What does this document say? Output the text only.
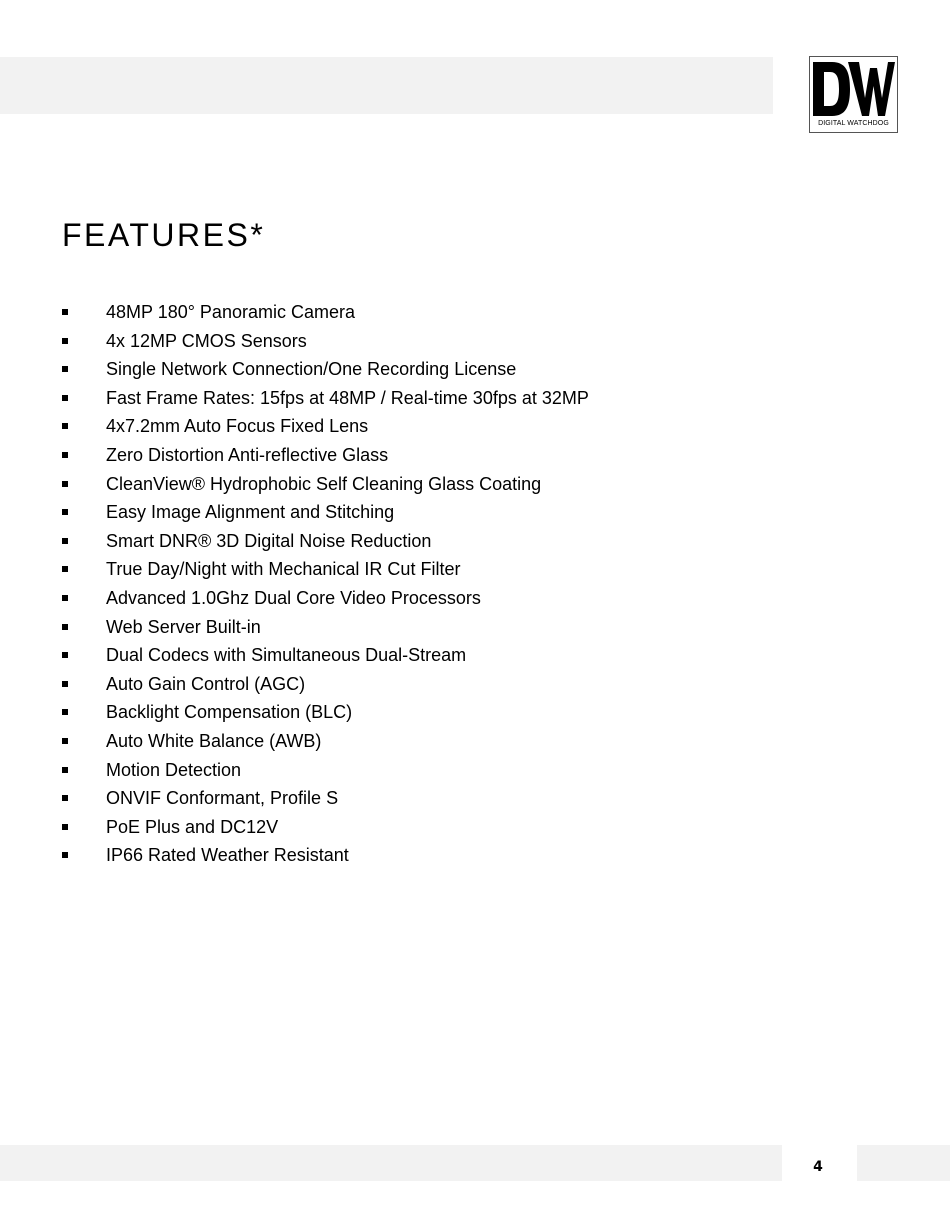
DIGITAL WATCHDOG
FEATURES*
48MP 180° Panoramic Camera
4x 12MP CMOS Sensors
Single Network Connection/One Recording License
Fast Frame Rates: 15fps at 48MP / Real-time 30fps at 32MP
4x7.2mm Auto Focus Fixed Lens
Zero Distortion Anti-reflective Glass
CleanView® Hydrophobic Self Cleaning Glass Coating
Easy Image Alignment and Stitching
Smart DNR® 3D Digital Noise Reduction
True Day/Night with Mechanical IR Cut Filter
Advanced 1.0Ghz Dual Core Video Processors
Web Server Built-in
Dual Codecs with Simultaneous Dual-Stream
Auto Gain Control (AGC)
Backlight Compensation (BLC)
Auto White Balance (AWB)
Motion Detection
ONVIF Conformant, Profile S
PoE Plus and DC12V
IP66 Rated Weather Resistant
4
